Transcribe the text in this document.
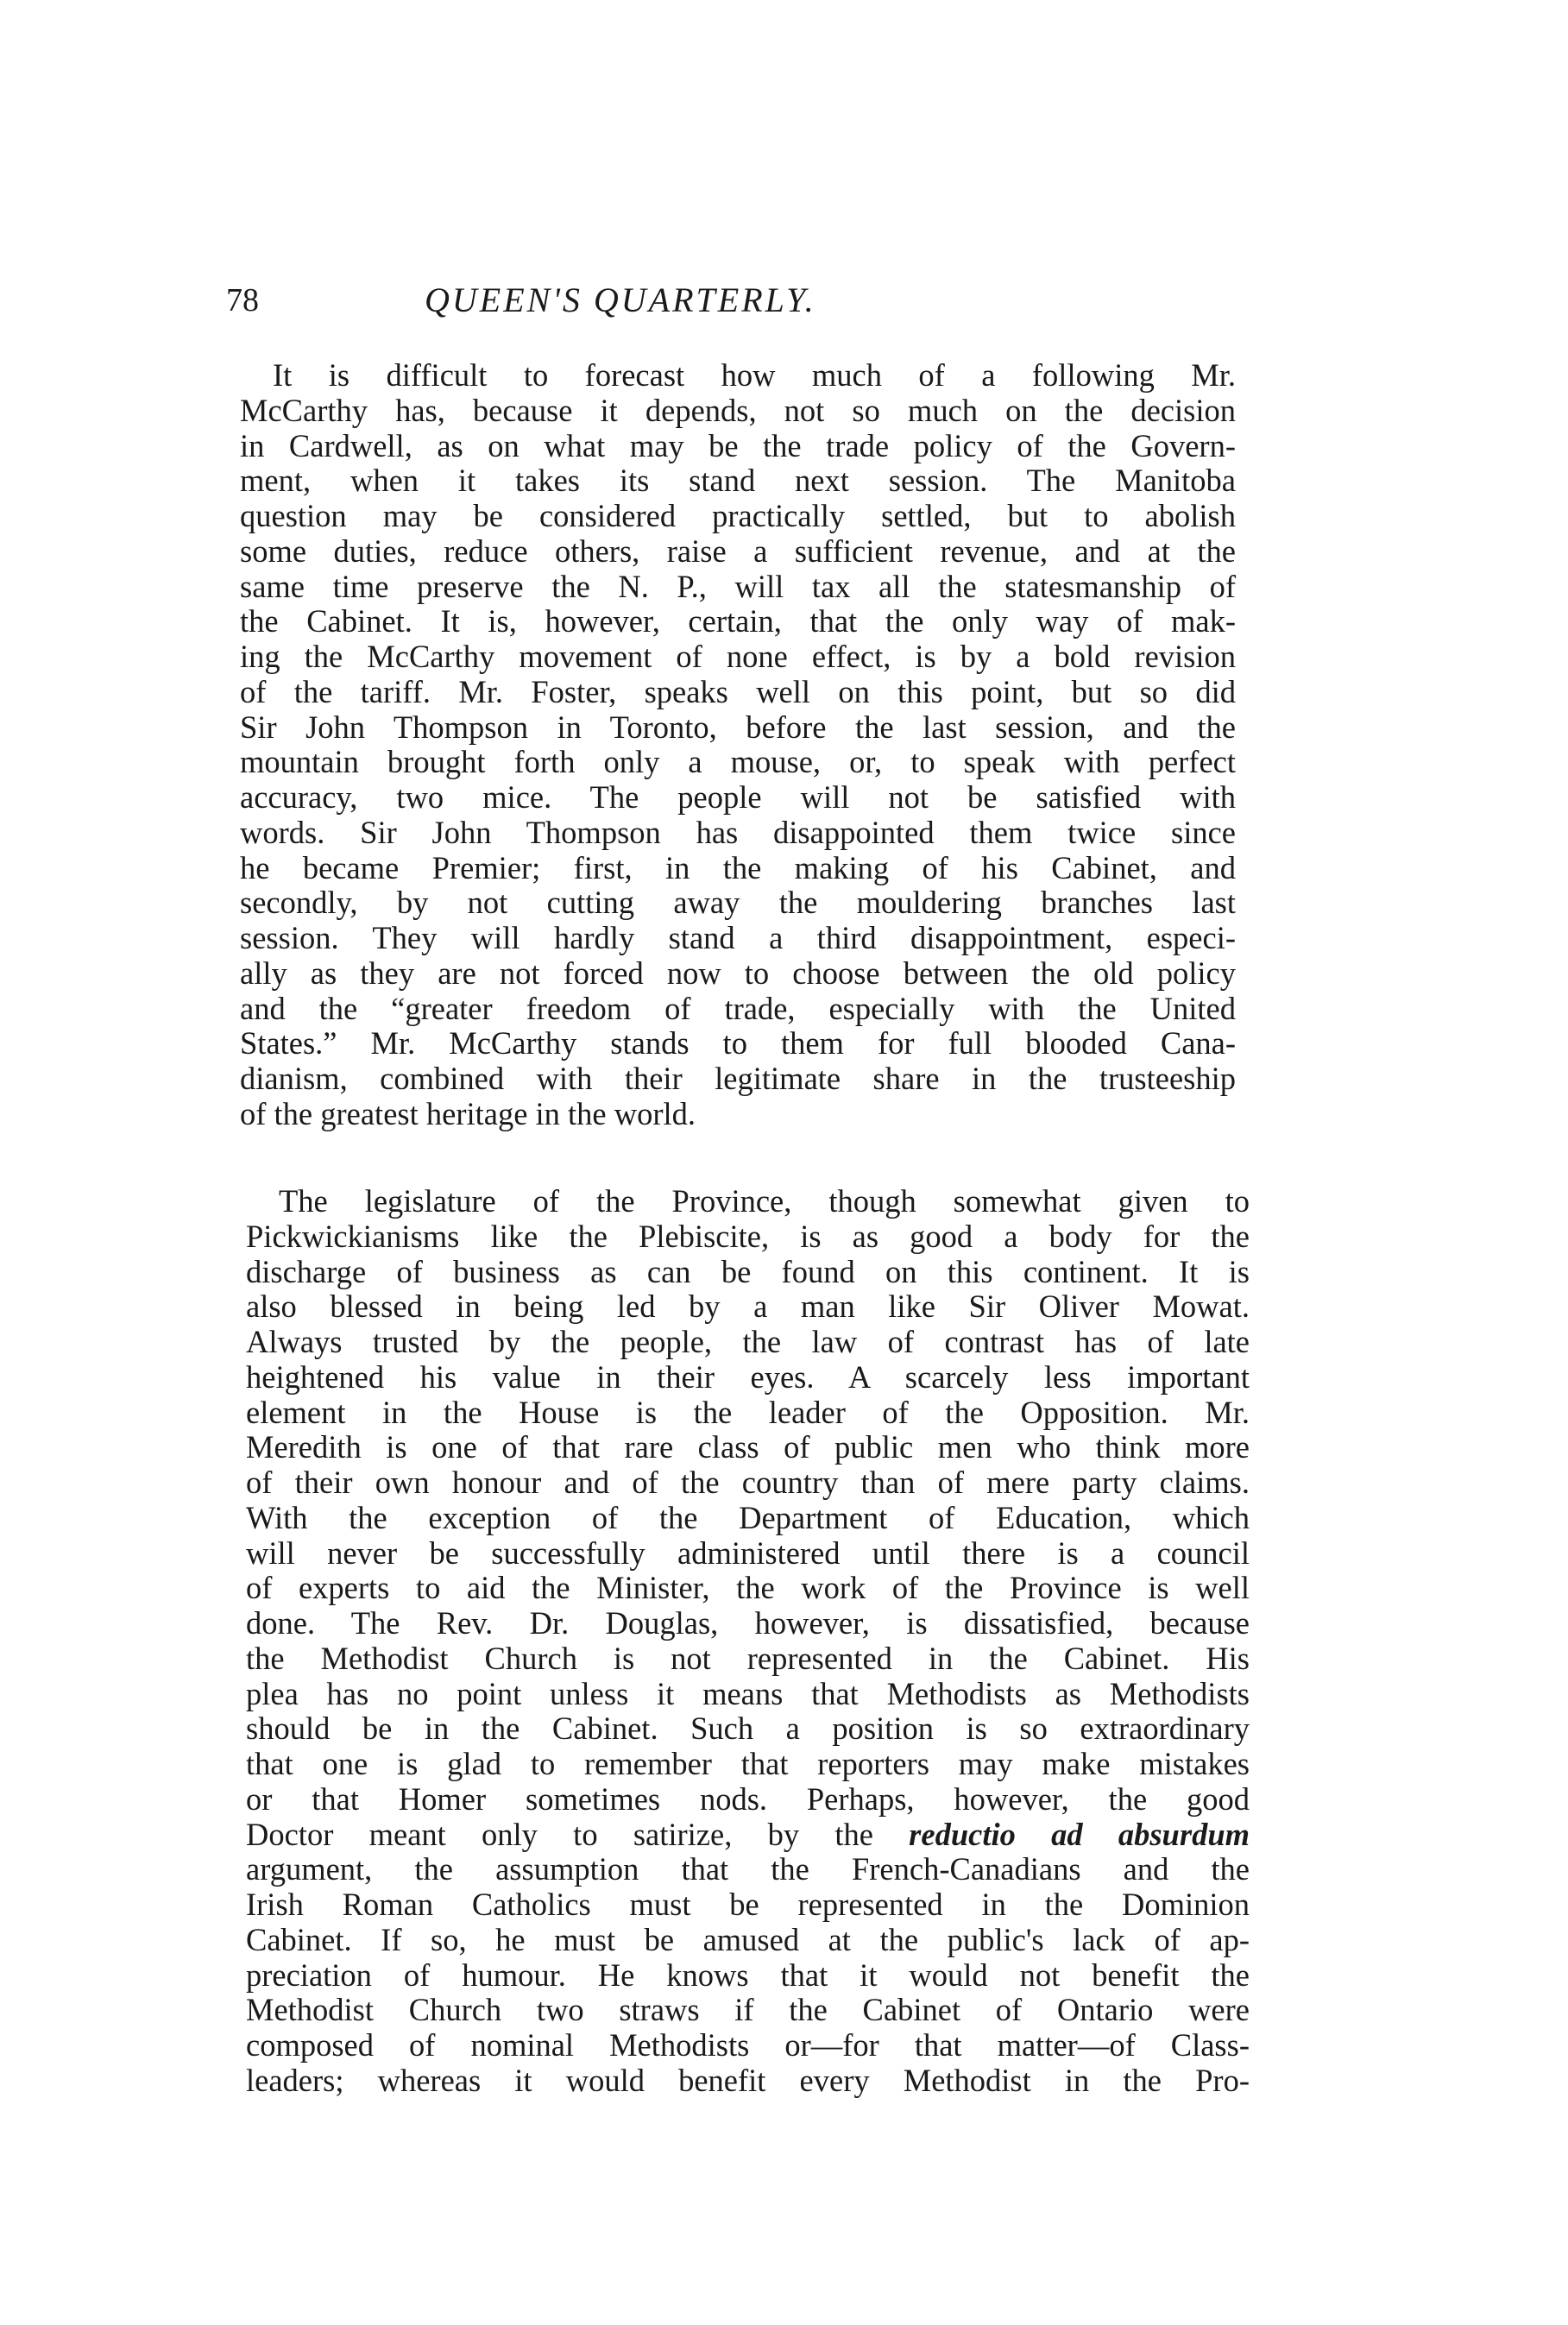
78	QUEEN'S QUARTERLY.
It is difficult to forecast how much of a following Mr.
McCarthy has, because it depends, not so much on the decision
in Cardwell, as on what may be the trade policy of the Govern-
ment, when it takes its stand next session. The Manitoba
question may be considered practically settled, but to abolish
some duties, reduce others, raise a sufficient revenue, and at the
same time preserve the N. P., will tax all the statesmanship of
the Cabinet. It is, however, certain, that the only way of mak-
ing the McCarthy movement of none effect, is by a bold revision
of the tariff. Mr. Foster, speaks well on this point, but so did
Sir John Thompson in Toronto, before the last session, and the
mountain brought forth only a mouse, or, to speak with perfect
accuracy, two mice. The people will not be satisfied with
words. Sir John Thompson has disappointed them twice since
he became Premier; first, in the making of his Cabinet, and
secondly, by not cutting away the mouldering branches last
session. They will hardly stand a third disappointment, especi-
ally as they are not forced now to choose between the old policy
and the “greater freedom of trade, especially with the United
States.” Mr. McCarthy stands to them for full blooded Cana-
dianism, combined with their legitimate share in the trusteeship
of the greatest heritage in the world.
The legislature of the Province, though somewhat given to
Pickwickianisms like the Plebiscite, is as good a body for the
discharge of business as can be found on this continent. It is
also blessed in being led by a man like Sir Oliver Mowat.
Always trusted by the people, the law of contrast has of late
heightened his value in their eyes. A scarcely less important
element in the House is the leader of the Opposition. Mr.
Meredith is one of that rare class of public men who think more
of their own honour and of the country than of mere party claims.
With the exception of the Department of Education, which
will never be successfully administered until there is a council
of experts to aid the Minister, the work of the Province is well
done. The Rev. Dr. Douglas, however, is dissatisfied, because
the Methodist Church is not represented in the Cabinet. His
plea has no point unless it means that Methodists as Methodists
should be in the Cabinet. Such a position is so extraordinary
that one is glad to remember that reporters may make mistakes
or that Homer sometimes nods. Perhaps, however, the good
Doctor meant only to satirize, by the reductio ad absurdum
argument, the assumption that the French-Canadians and the
Irish Roman Catholics must be represented in the Dominion
Cabinet. If so, he must be amused at the public's lack of ap-
preciation of humour. He knows that it would not benefit the
Methodist Church two straws if the Cabinet of Ontario were
composed of nominal Methodists or—for that matter—of Class-
leaders; whereas it would benefit every Methodist in the Pro-
